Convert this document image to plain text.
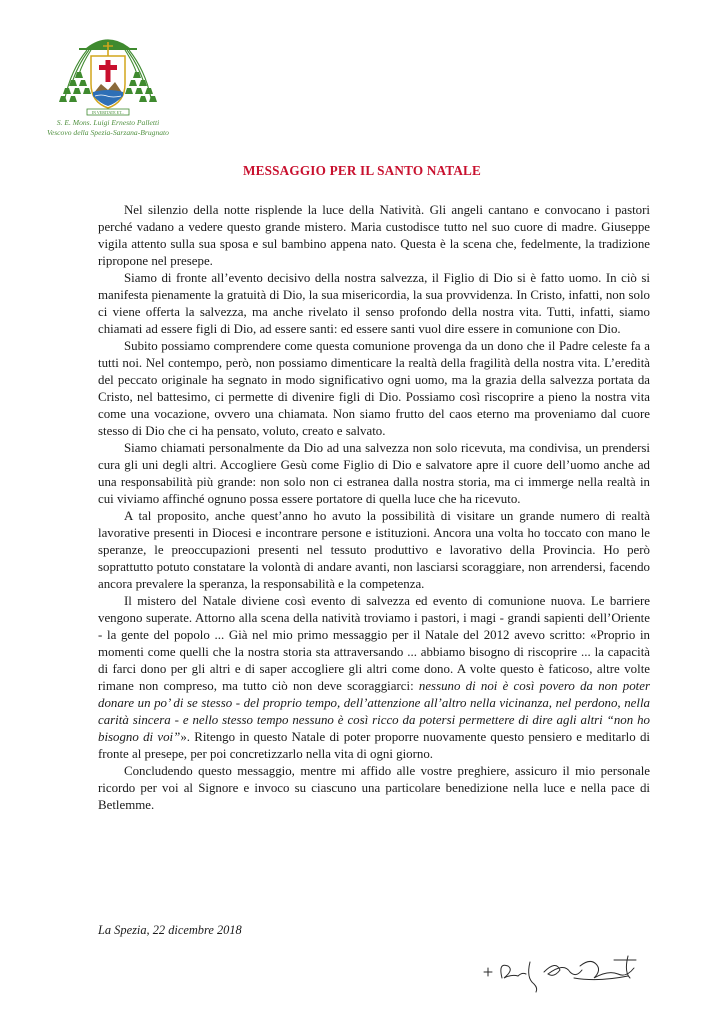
IN VERITATE ET...
S. E. Mons. Luigi Ernesto Palletti
Vescovo della Spezia-Sarzana-Brugnato
MESSAGGIO PER IL SANTO NATALE

Nel silenzio della notte risplende la luce della Natività. Gli angeli cantano e convocano i pastori perché vadano a vedere questo grande mistero. Maria custodisce tutto nel suo cuore di madre. Giuseppe vigila attento sulla sua sposa e sul bambino appena nato. Questa è la scena che, fedelmente, la tradizione ripropone nel presepe.

Siamo di fronte all’evento decisivo della nostra salvezza, il Figlio di Dio si è fatto uomo. In ciò si manifesta pienamente la gratuità di Dio, la sua misericordia, la sua provvidenza. In Cristo, infatti, non solo ci viene offerta la salvezza, ma anche rivelato il senso profondo della nostra vita. Tutti, infatti, siamo chiamati ad essere figli di Dio, ad essere santi: ed essere santi vuol dire essere in comunione con Dio.

Subito possiamo comprendere come questa comunione provenga da un dono che il Padre celeste fa a tutti noi. Nel contempo, però, non possiamo dimenticare la realtà della fragilità della nostra vita. L’eredità del peccato originale ha segnato in modo significativo ogni uomo, ma la grazia della salvezza portata da Cristo, nel battesimo, ci permette di divenire figli di Dio. Possiamo così riscoprire a pieno la nostra vita come una vocazione, ovvero una chiamata. Non siamo frutto del caos eterno ma proveniamo dal cuore stesso di Dio che ci ha pensato, voluto, creato e salvato.

Siamo chiamati personalmente da Dio ad una salvezza non solo ricevuta, ma condivisa, un prendersi cura gli uni degli altri. Accogliere Gesù come Figlio di Dio e salvatore apre il cuore dell’uomo anche ad una responsabilità più grande: non solo non ci estranea dalla nostra storia, ma ci immerge nella realtà in cui viviamo affinché ognuno possa essere portatore di quella luce che ha ricevuto.

A tal proposito, anche quest’anno ho avuto la possibilità di visitare un grande numero di realtà lavorative presenti in Diocesi e incontrare persone e istituzioni. Ancora una volta ho toccato con mano le speranze, le preoccupazioni presenti nel tessuto produttivo e lavorativo della Provincia. Ho però soprattutto potuto constatare la volontà di andare avanti, non lasciarsi scoraggiare, non arrendersi, facendo ancora prevalere la speranza, la responsabilità e la competenza.

Il mistero del Natale diviene così evento di salvezza ed evento di comunione nuova. Le barriere vengono superate. Attorno alla scena della natività troviamo i pastori, i magi - grandi sapienti dell’Oriente - la gente del popolo ... Già nel mio primo messaggio per il Natale del 2012 avevo scritto: «Proprio in momenti come quelli che la nostra storia sta attraversando ... abbiamo bisogno di riscoprire ... la capacità di farci dono per gli altri e di saper accogliere gli altri come dono. A volte questo è faticoso, altre volte rimane non compreso, ma tutto ciò non deve scoraggiarci: nessuno di noi è così povero da non poter donare un po’ di se stesso - del proprio tempo, dell’attenzione all’altro nella vicinanza, nel perdono, nella carità sincera - e nello stesso tempo nessuno è così ricco da potersi permettere di dire agli altri “non ho bisogno di voi”». Ritengo in questo Natale di poter proporre nuovamente questo pensiero e meditarlo di fronte al presepe, per poi concretizzarlo nella vita di ogni giorno.

Concludendo questo messaggio, mentre mi affido alle vostre preghiere, assicuro il mio personale ricordo per voi al Signore e invoco su ciascuno una particolare benedizione nella luce e nella pace di Betlemme.

La Spezia, 22 dicembre 2018
